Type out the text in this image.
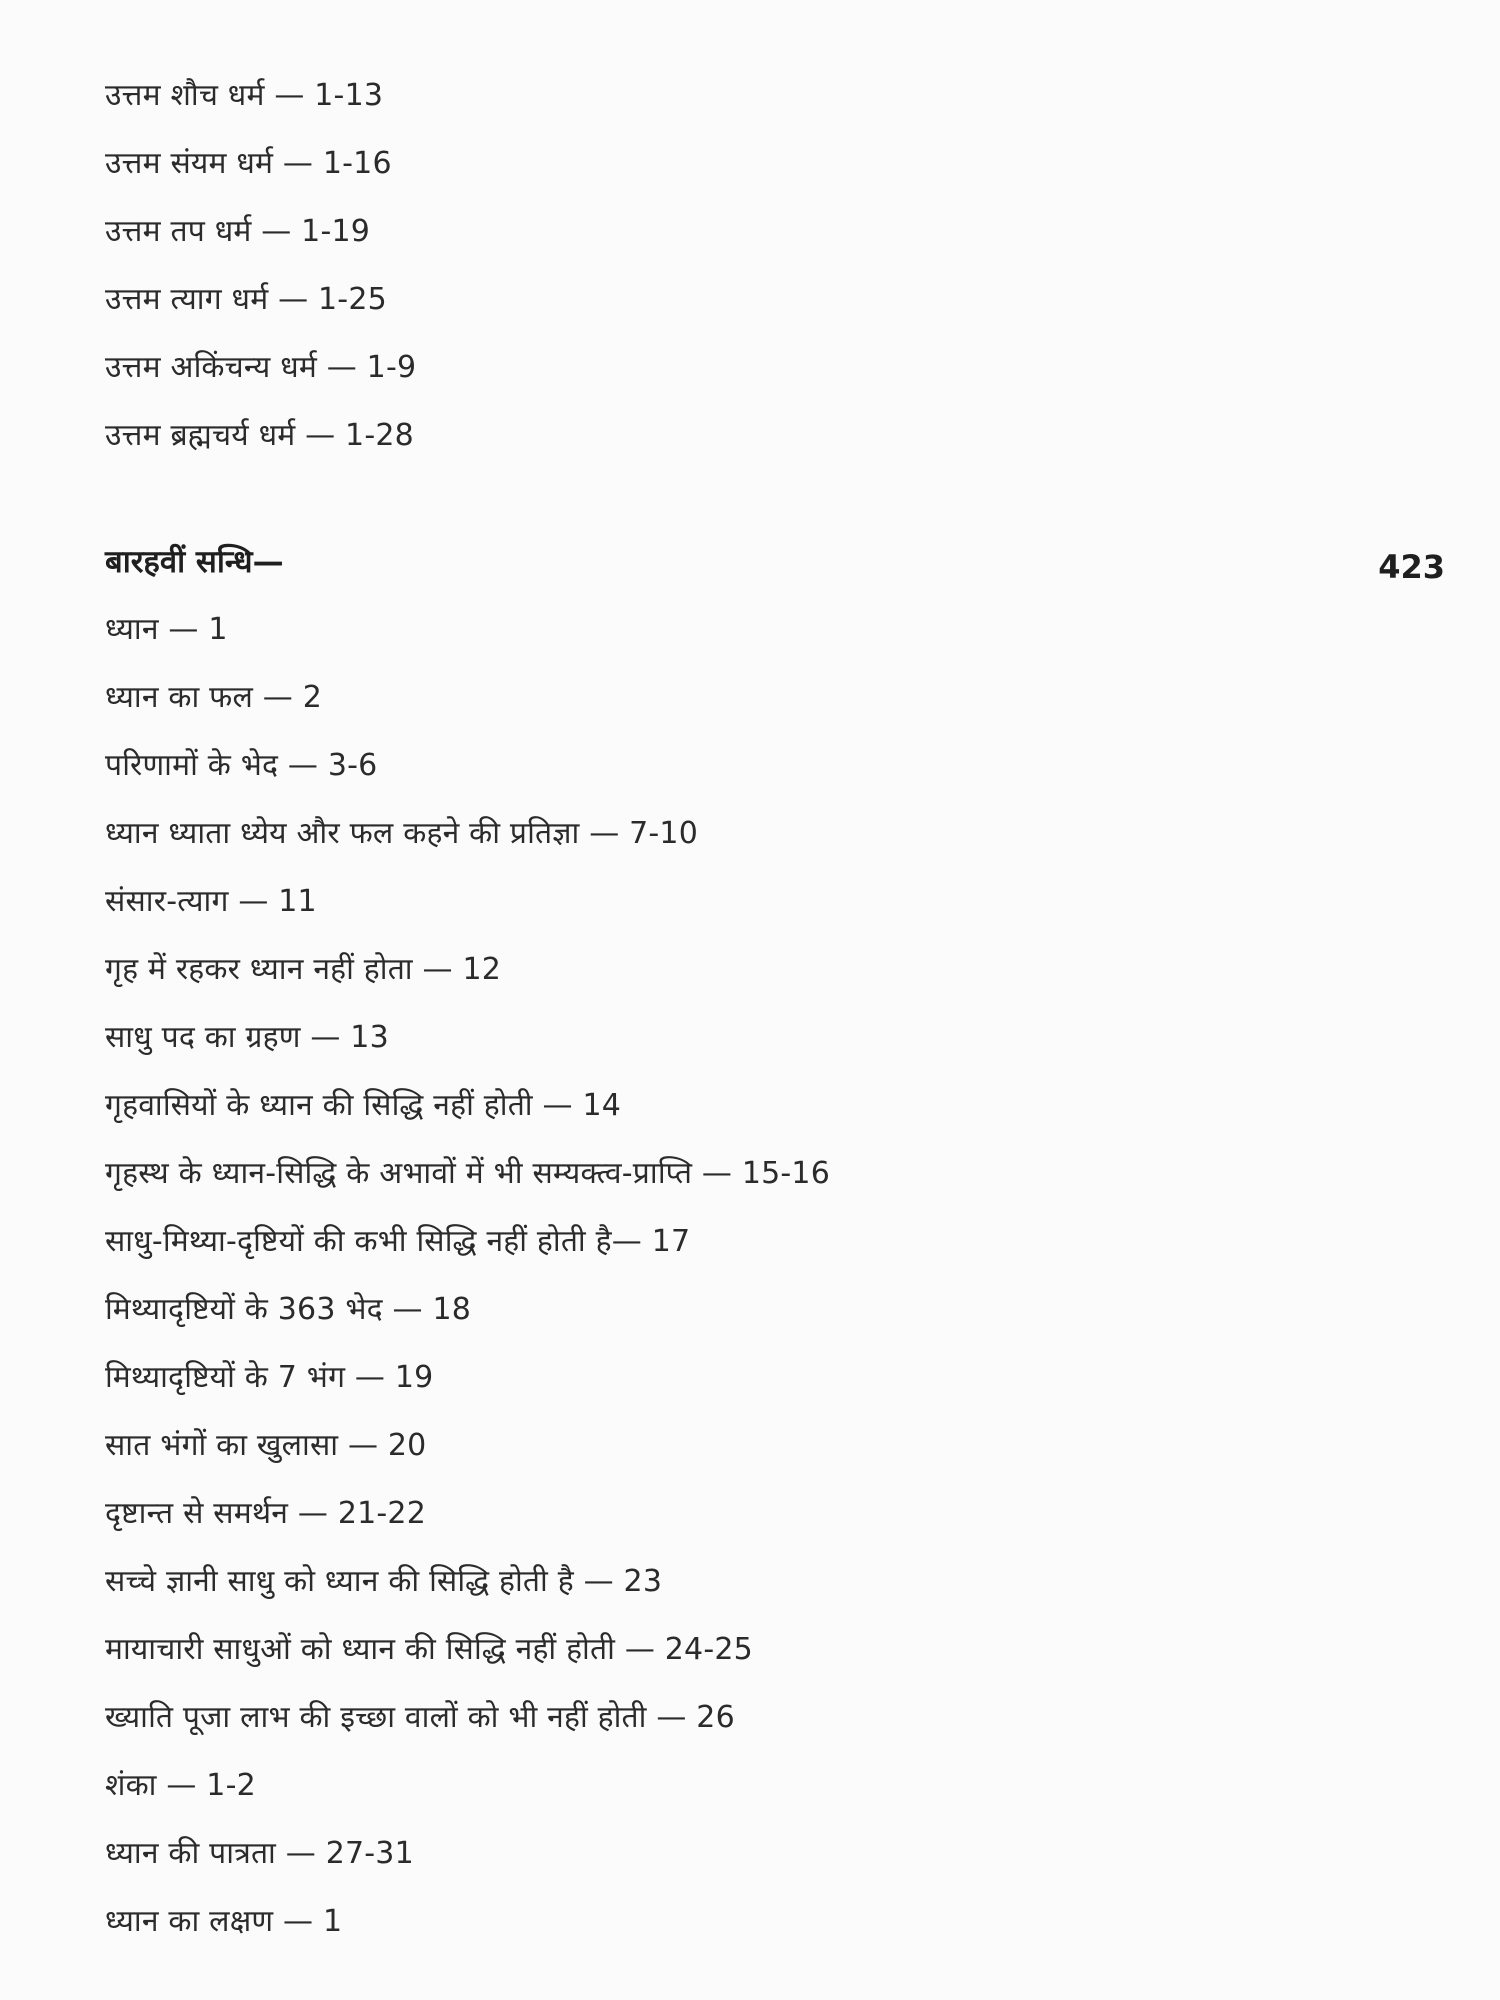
423
उत्तम शौच धर्म — 1-13
उत्तम संयम धर्म — 1-16
उत्तम तप धर्म — 1-19
उत्तम त्याग धर्म — 1-25
उत्तम अकिंचन्य धर्म — 1-9
उत्तम ब्रह्मचर्य धर्म — 1-28
बारहवीं सन्धि—
ध्यान — 1
ध्यान का फल — 2
परिणामों के भेद — 3-6
ध्यान ध्याता ध्येय और फल कहने की प्रतिज्ञा — 7-10
संसार-त्याग — 11
गृह में रहकर ध्यान नहीं होता — 12
साधु पद का ग्रहण — 13
गृहवासियों के ध्यान की सिद्धि नहीं होती — 14
गृहस्थ के ध्यान-सिद्धि के अभावों में भी सम्यक्त्व-प्राप्ति — 15-16
साधु-मिथ्या-दृष्टियों की कभी सिद्धि नहीं होती है— 17
मिथ्यादृष्टियों के 363 भेद — 18
मिथ्यादृष्टियों के 7 भंग — 19
सात भंगों का खुलासा — 20
दृष्टान्त से समर्थन — 21-22
सच्चे ज्ञानी साधु को ध्यान की सिद्धि होती है — 23
मायाचारी साधुओं को ध्यान की सिद्धि नहीं होती — 24-25
ख्याति पूजा लाभ की इच्छा वालों को भी नहीं होती — 26
शंका — 1-2
ध्यान की पात्रता — 27-31
ध्यान का लक्षण — 1
